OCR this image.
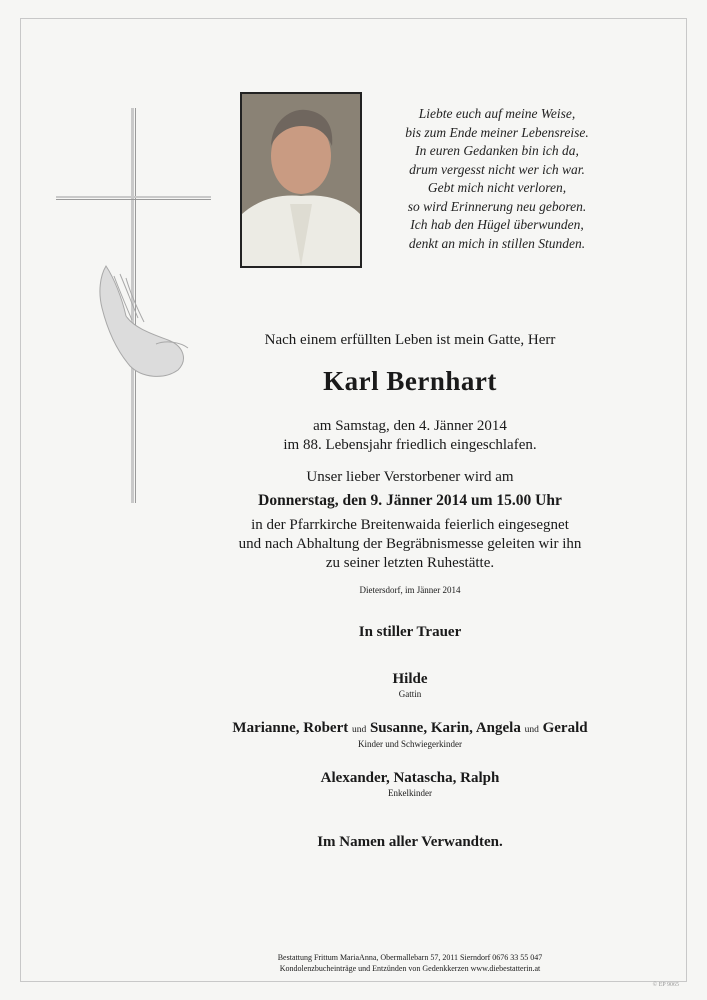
Liebte euch auf meine Weise,
bis zum Ende meiner Lebensreise.
In euren Gedanken bin ich da,
drum vergesst nicht wer ich war.
Gebt mich nicht verloren,
so wird Erinnerung neu geboren.
Ich hab den Hügel überwunden,
denkt an mich in stillen Stunden.
Nach einem erfüllten Leben ist mein Gatte, Herr
Karl Bernhart
am Samstag, den 4. Jänner 2014
im 88. Lebensjahr friedlich eingeschlafen.
Unser lieber Verstorbener wird am
Donnerstag, den 9. Jänner 2014 um 15.00 Uhr
in der Pfarrkirche Breitenwaida feierlich eingesegnet
und nach Abhaltung der Begräbnismesse geleiten wir ihn
zu seiner letzten Ruhestätte.
Dietersdorf, im Jänner 2014
In stiller Trauer
Hilde
Gattin
Marianne, Robert und Susanne, Karin, Angela und Gerald
Kinder und Schwiegerkinder
Alexander, Natascha, Ralph
Enkelkinder
Im Namen aller Verwandten.
Bestattung Frittum MariaAnna, Obermallebarn 57, 2011 Sierndorf 0676 33 55 047
Kondolenzbucheinträge und Entzünden von Gedenkkerzen www.diebestatterin.at
© EP 9065
